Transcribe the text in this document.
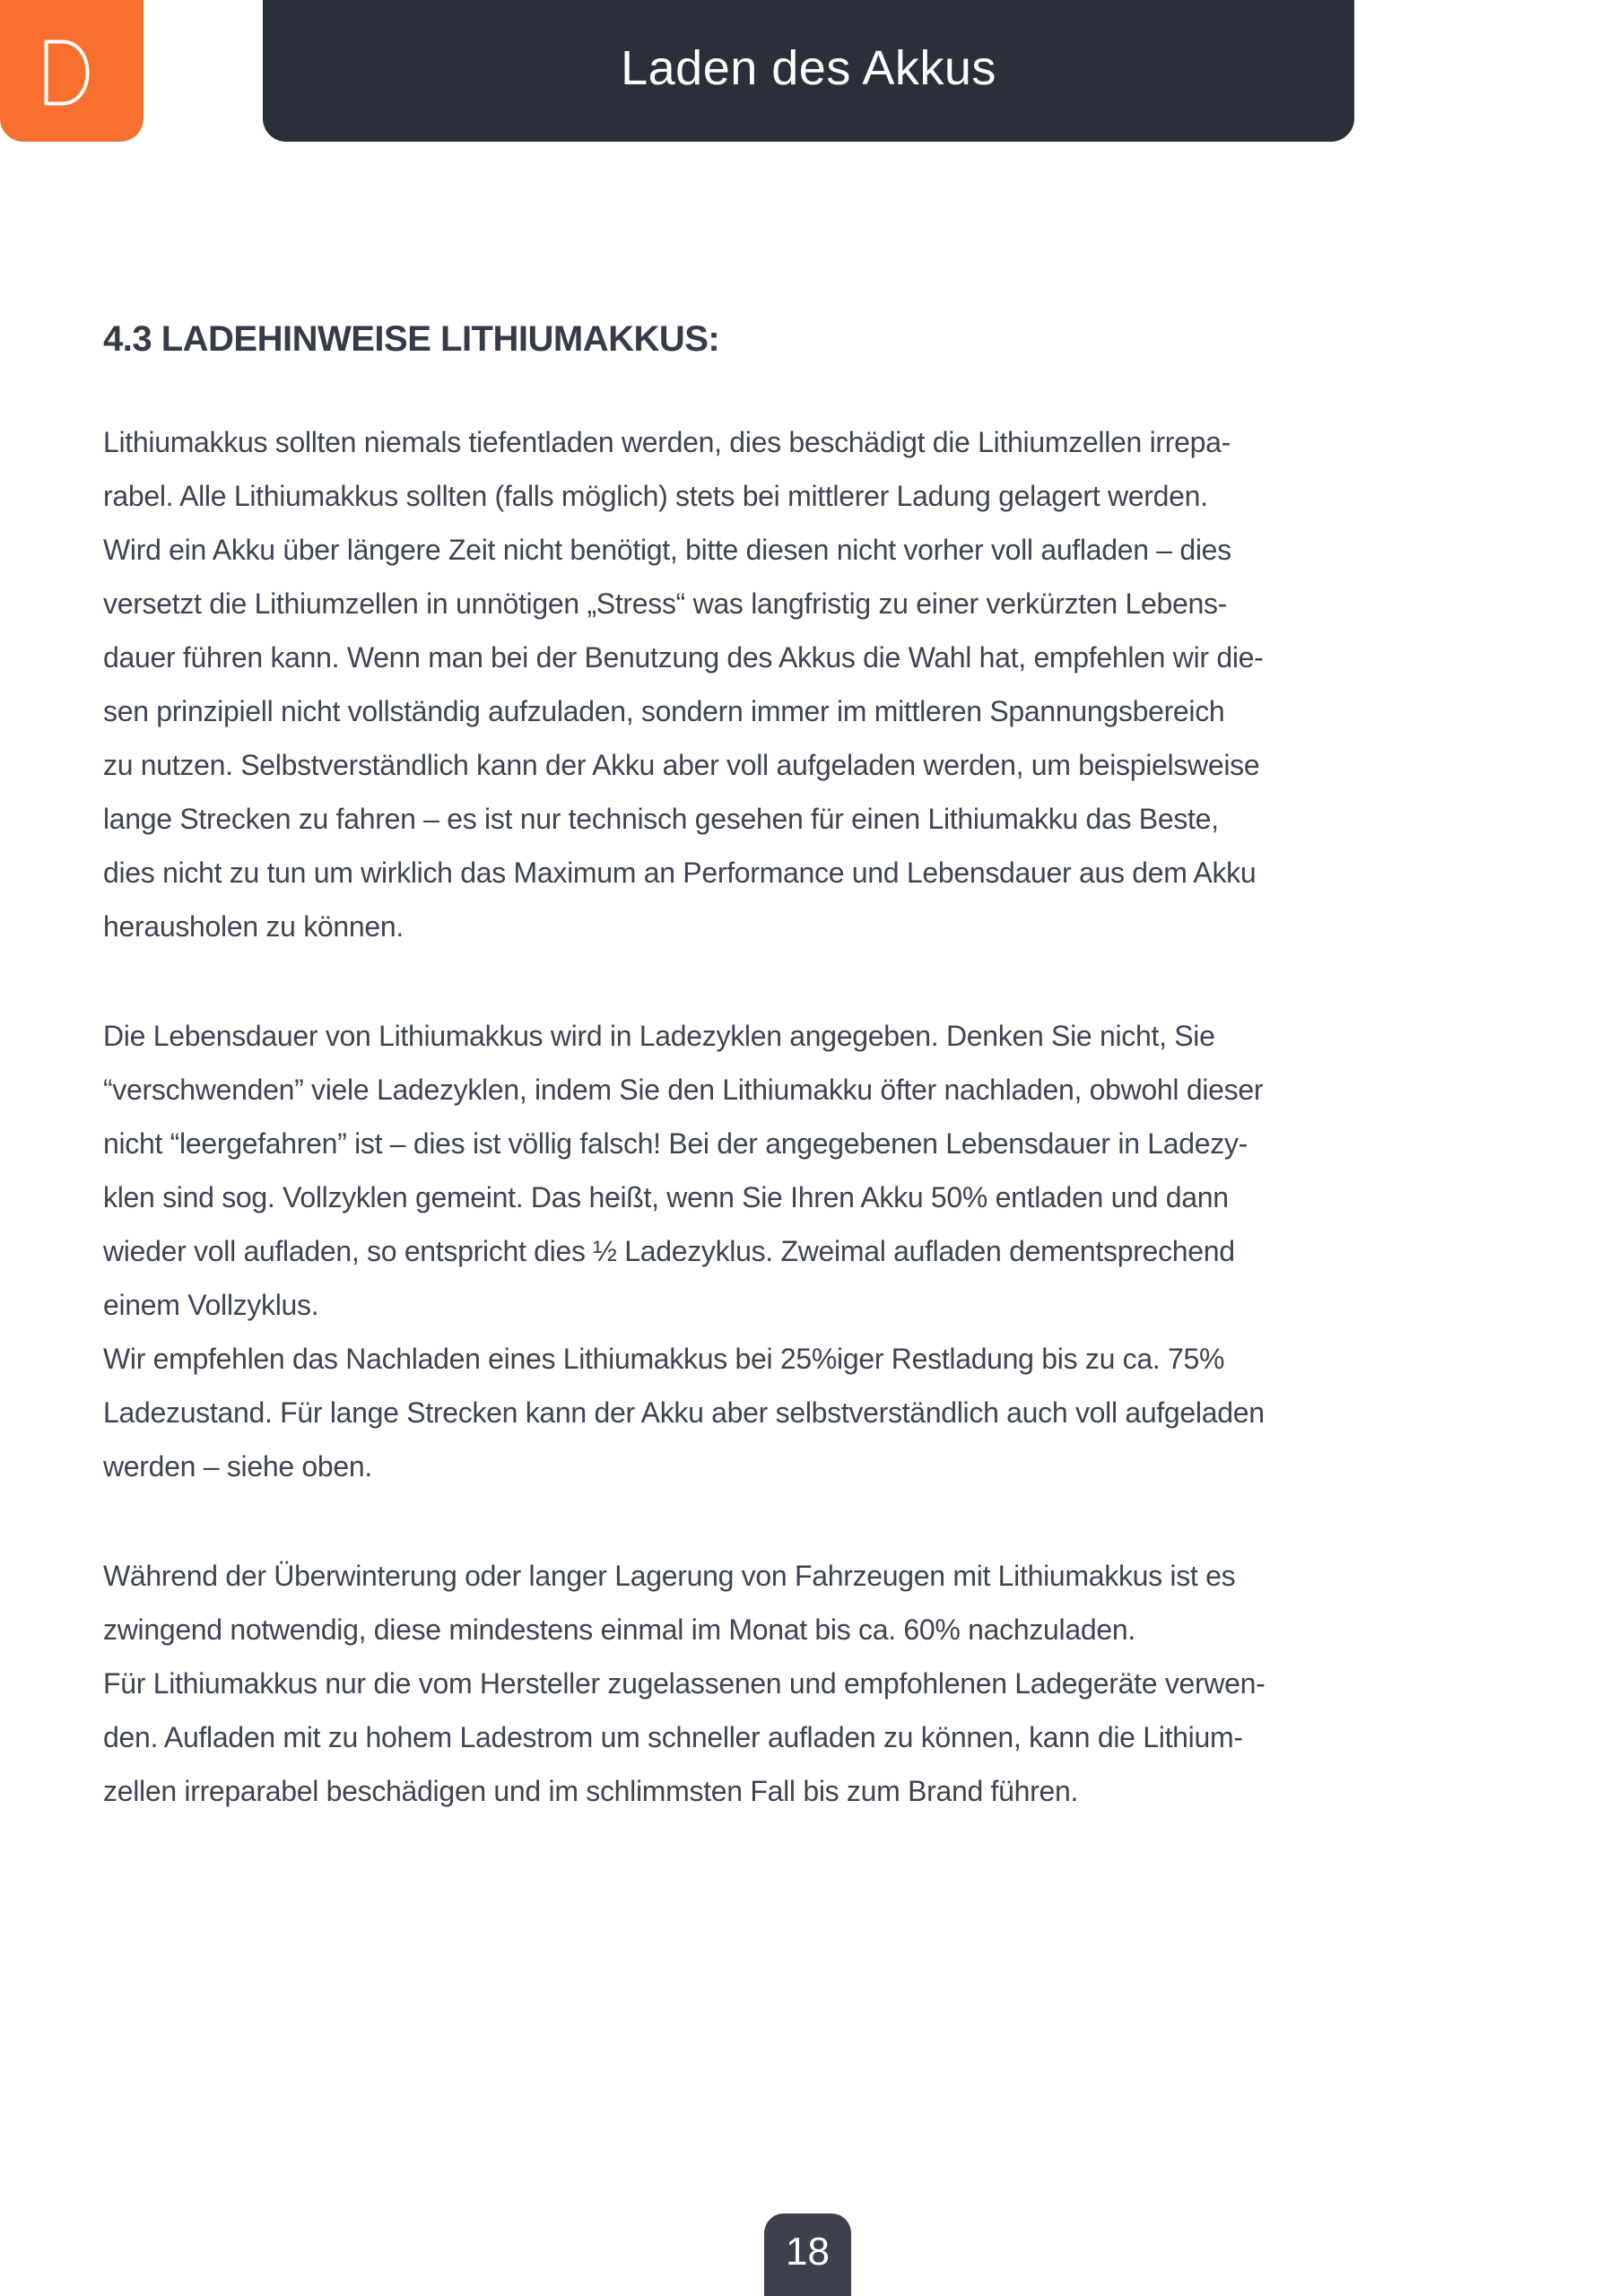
Laden des Akkus
4.3 LADEHINWEISE LITHIUMAKKUS:
Lithiumakkus sollten niemals tiefentladen werden, dies beschädigt die Lithiumzellen irrepa-
rabel. Alle Lithiumakkus sollten (falls möglich) stets bei mittlerer Ladung gelagert werden.
Wird ein Akku über längere Zeit nicht benötigt, bitte diesen nicht vorher voll aufladen – dies
versetzt die Lithiumzellen in unnötigen „Stress“ was langfristig zu einer verkürzten Lebens-
dauer führen kann. Wenn man bei der Benutzung des Akkus die Wahl hat, empfehlen wir die-
sen prinzipiell nicht vollständig aufzuladen, sondern immer im mittleren Spannungsbereich
zu nutzen. Selbstverständlich kann der Akku aber voll aufgeladen werden, um beispielsweise
lange Strecken zu fahren – es ist nur technisch gesehen für einen Lithiumakku das Beste,
dies nicht zu tun um wirklich das Maximum an Performance und Lebensdauer aus dem Akku
herausholen zu können.
Die Lebensdauer von Lithiumakkus wird in Ladezyklen angegeben. Denken Sie nicht, Sie
“verschwenden” viele Ladezyklen, indem Sie den Lithiumakku öfter nachladen, obwohl dieser
nicht “leergefahren” ist – dies ist völlig falsch! Bei der angegebenen Lebensdauer in Ladezy-
klen sind sog. Vollzyklen gemeint. Das heißt, wenn Sie Ihren Akku 50% entladen und dann
wieder voll aufladen, so entspricht dies ½ Ladezyklus. Zweimal aufladen dementsprechend
einem Vollzyklus.
Wir empfehlen das Nachladen eines Lithiumakkus bei 25%iger Restladung bis zu ca. 75%
Ladezustand. Für lange Strecken kann der Akku aber selbstverständlich auch voll aufgeladen
werden – siehe oben.
Während der Überwinterung oder langer Lagerung von Fahrzeugen mit Lithiumakkus ist es
zwingend notwendig, diese mindestens einmal im Monat bis ca. 60% nachzuladen.
Für Lithiumakkus nur die vom Hersteller zugelassenen und empfohlenen Ladegeräte verwen-
den. Aufladen mit zu hohem Ladestrom um schneller aufladen zu können, kann die Lithium-
zellen irreparabel beschädigen und im schlimmsten Fall bis zum Brand führen.
18
